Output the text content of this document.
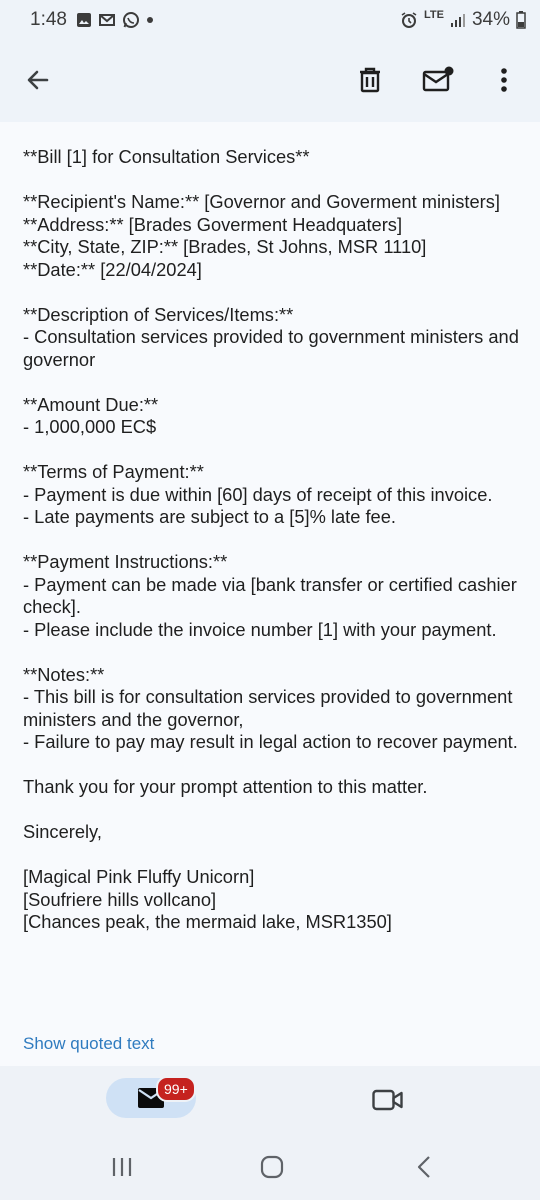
1:48	LTE 34%

**Bill [1] for Consultation Services**

**Recipient's Name:** [Governor and Goverment ministers]
**Address:** [Brades Goverment Headquaters]
**City, State, ZIP:** [Brades, St Johns, MSR 1110]
**Date:** [22/04/2024]

**Description of Services/Items:**
- Consultation services provided to government ministers and governor

**Amount Due:**
- 1,000,000 EC$

**Terms of Payment:**
- Payment is due within [60] days of receipt of this invoice.
- Late payments are subject to a [5]% late fee.

**Payment Instructions:**
- Payment can be made via [bank transfer or certified cashier check].
- Please include the invoice number [1] with your payment.

**Notes:**
- This bill is for consultation services provided to government ministers and the governor,
- Failure to pay may result in legal action to recover payment.

Thank you for your prompt attention to this matter.

Sincerely,

[Magical Pink Fluffy Unicorn]
[Soufriere hills vollcano]
[Chances peak, the mermaid lake, MSR1350]

Show quoted text
99+
